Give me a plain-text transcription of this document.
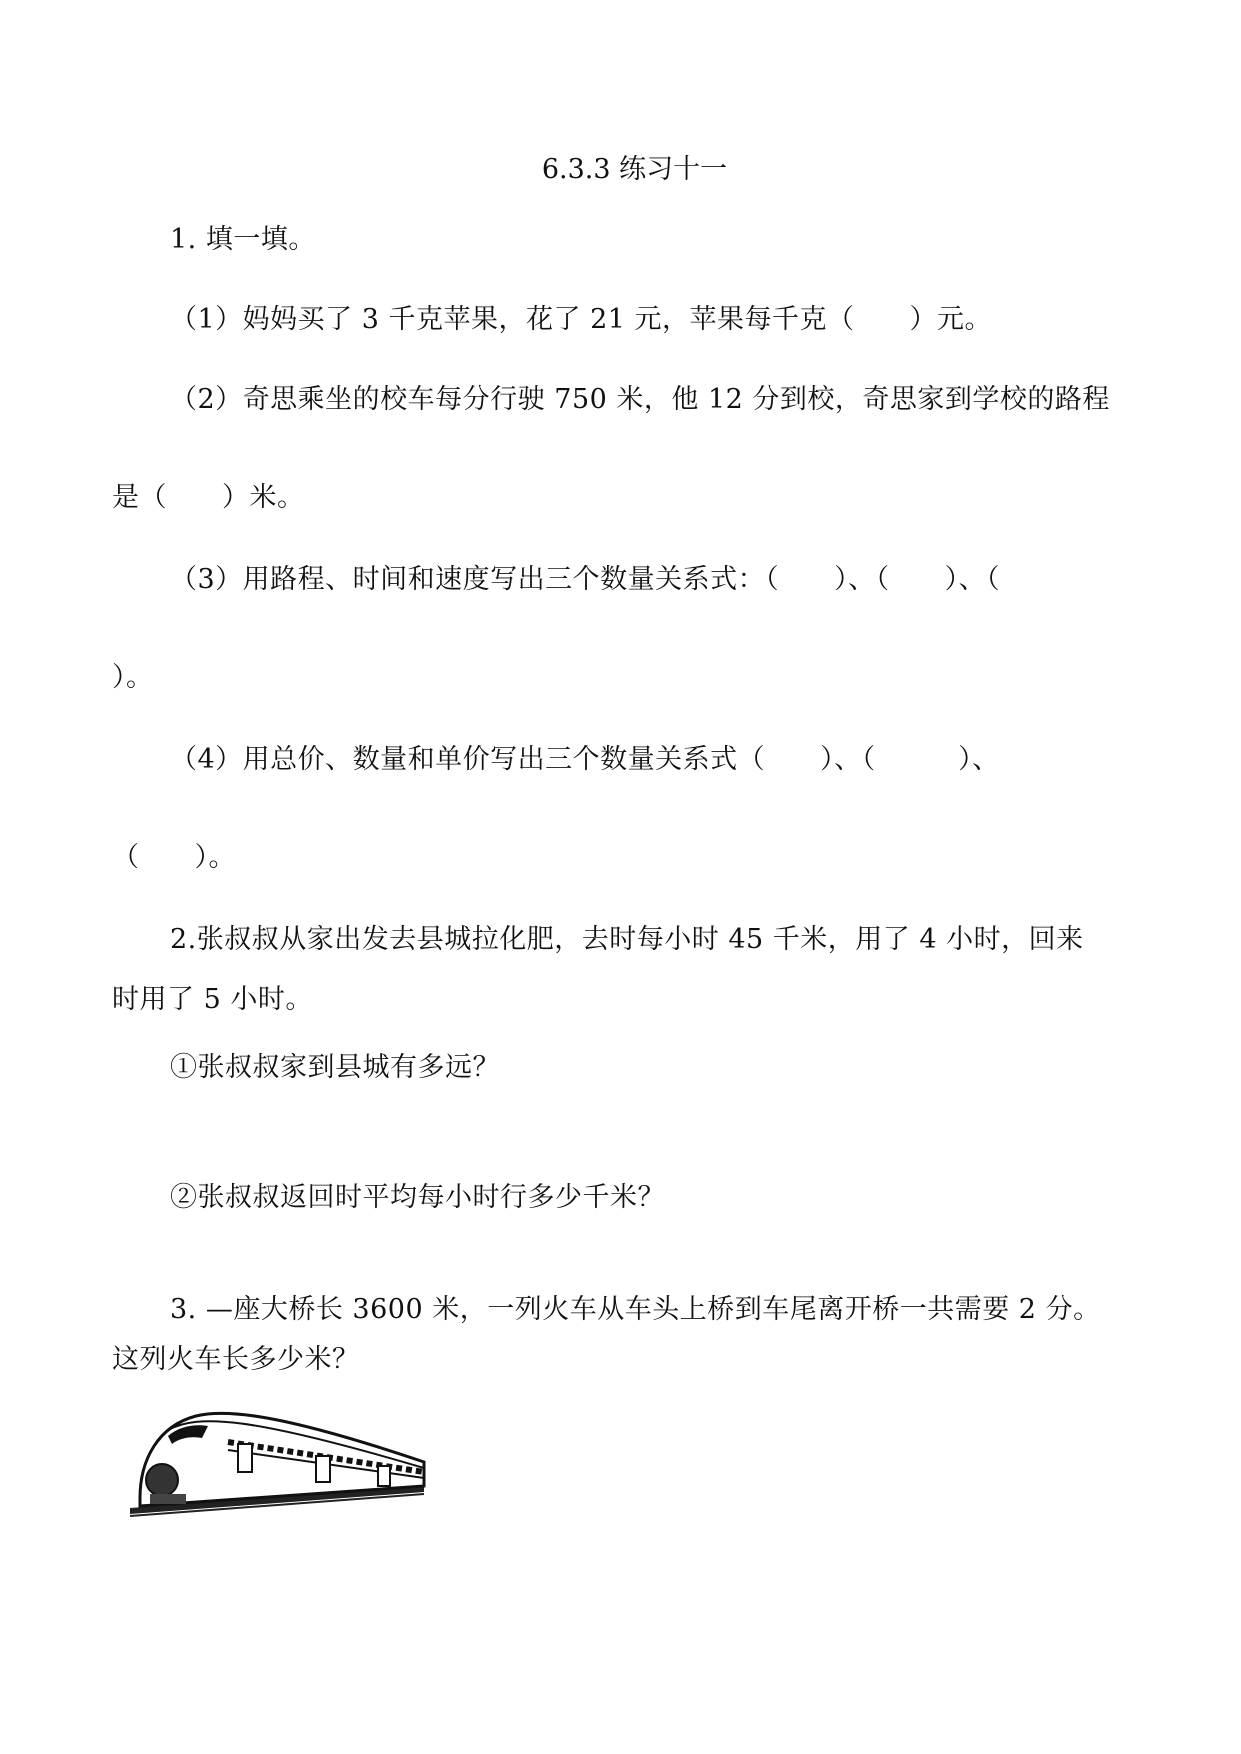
6.3.3 练习十一
1. 填一填。
（1）妈妈买了 3 千克苹果，花了 21 元，苹果每千克（　　）元。
（2）奇思乘坐的校车每分行驶 750 米，他 12 分到校，奇思家到学校的路程
是（　　）米。
（3）用路程、时间和速度写出三个数量关系式：（　　）、（　　）、（
）。
（4）用总价、数量和单价写出三个数量关系式（　　）、（　　　）、
（　　）。
2.张叔叔从家出发去县城拉化肥，去时每小时 45 千米，用了 4 小时，回来
时用了 5 小时。
①张叔叔家到县城有多远？
②张叔叔返回时平均每小时行多少千米？
3. —座大桥长 3600 米，一列火车从车头上桥到车尾离开桥一共需要 2 分。
这列火车长多少米？
